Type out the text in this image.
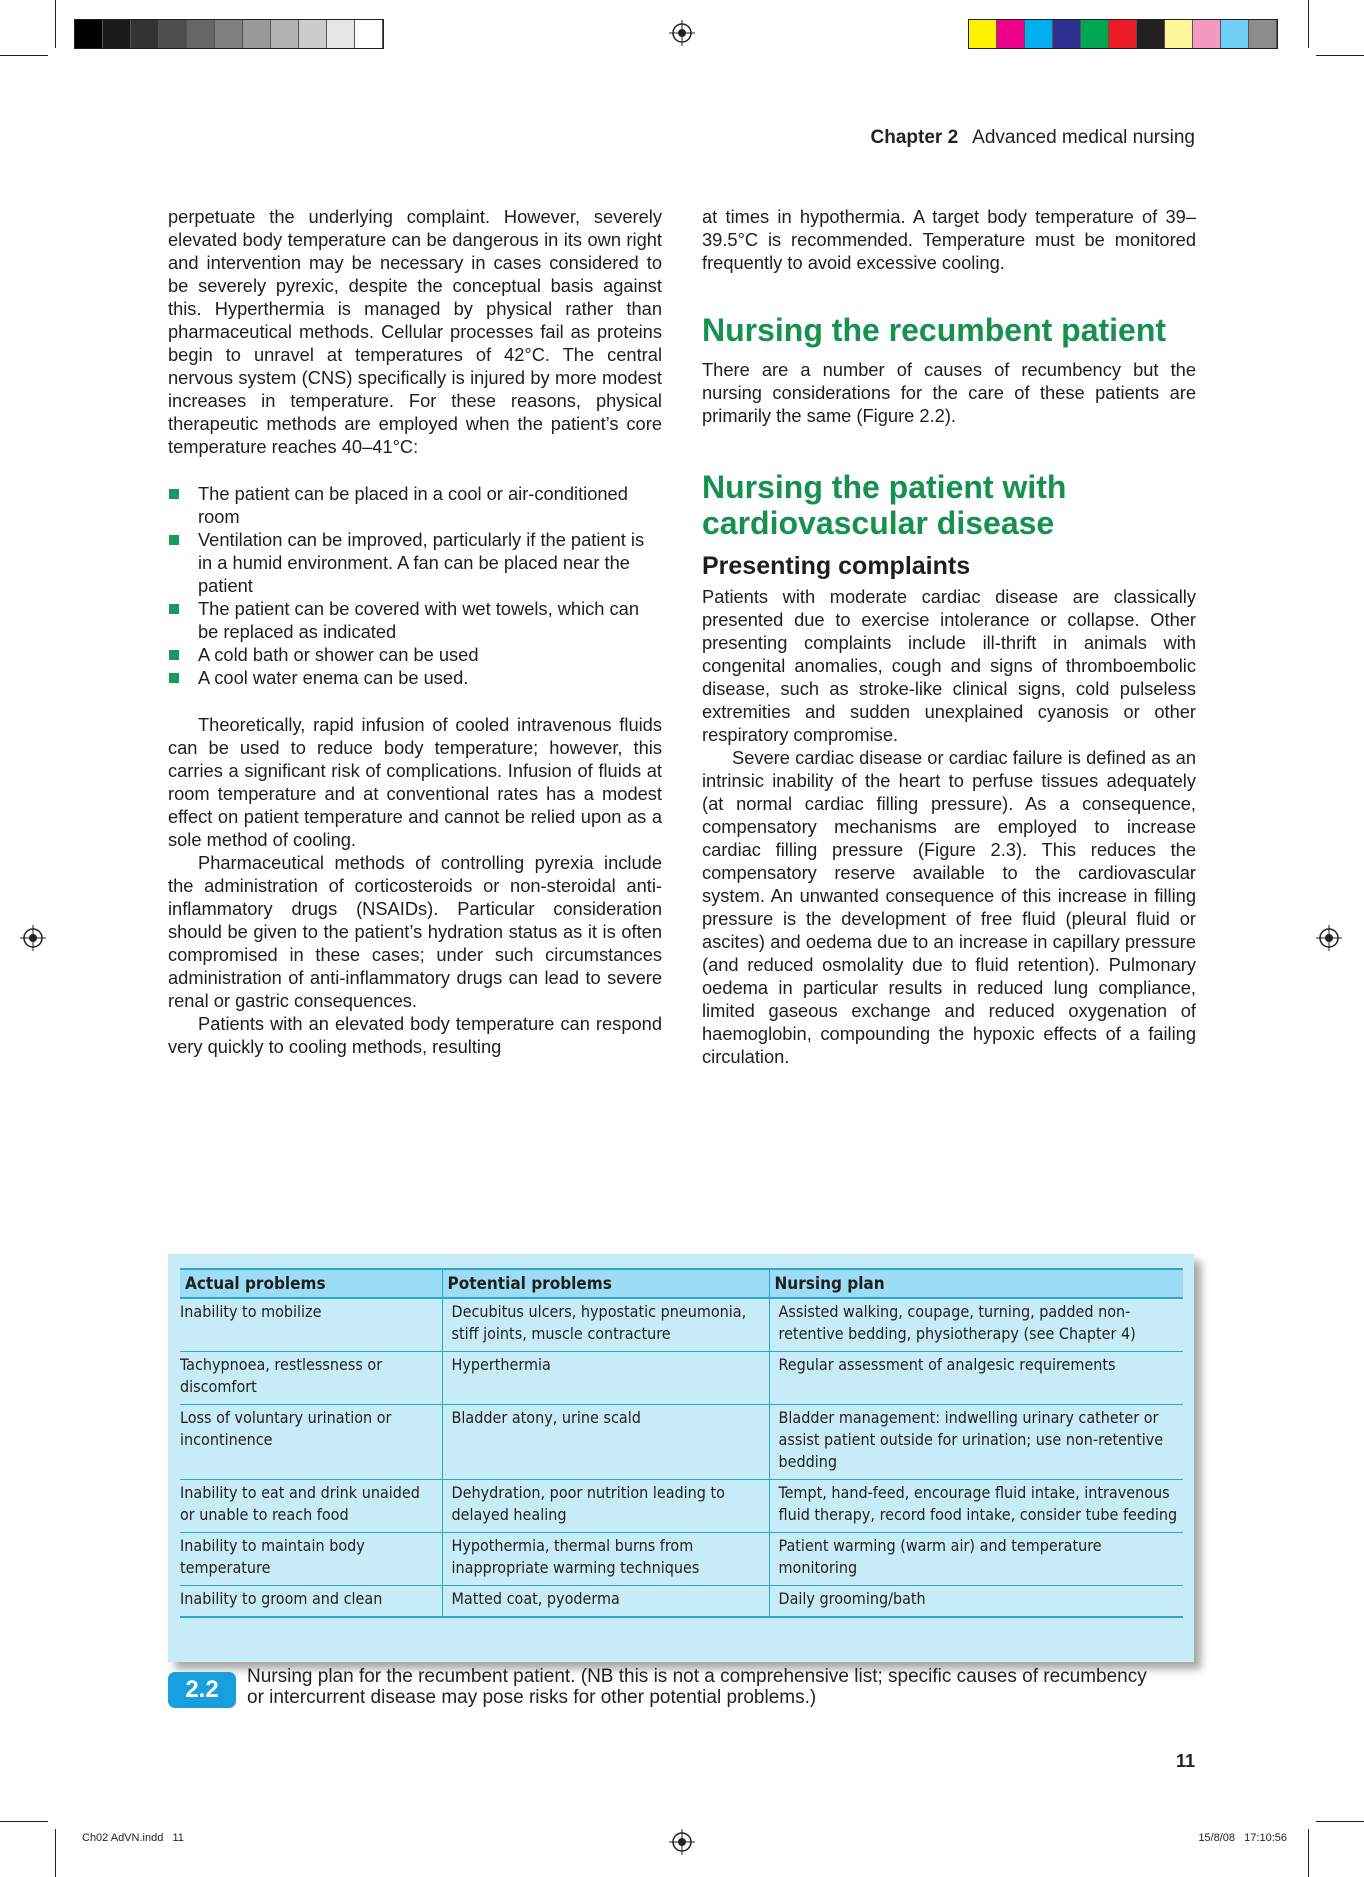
Chapter 2 Advanced medical nursing

perpetuate the underlying complaint. However, severely elevated body temperature can be dangerous in its own right and intervention may be necessary in cases considered to be severely pyrexic, despite the conceptual basis against this. Hyperthermia is managed by physical rather than pharmaceutical methods. Cellular processes fail as proteins begin to unravel at temperatures of 42°C. The central nervous system (CNS) specifically is injured by more modest increases in temperature. For these reasons, physical therapeutic methods are employed when the patient’s core temperature reaches 40–41°C:

The patient can be placed in a cool or air-conditioned room
Ventilation can be improved, particularly if the patient is in a humid environment. A fan can be placed near the patient
The patient can be covered with wet towels, which can be replaced as indicated
A cold bath or shower can be used
A cool water enema can be used.

Theoretically, rapid infusion of cooled intravenous fluids can be used to reduce body temperature; however, this carries a significant risk of complications. Infusion of fluids at room temperature and at conventional rates has a modest effect on patient temperature and cannot be relied upon as a sole method of cooling.

Pharmaceutical methods of controlling pyrexia include the administration of corticosteroids or non-steroidal anti-inflammatory drugs (NSAIDs). Particular consideration should be given to the patient’s hydration status as it is often compromised in these cases; under such circumstances administration of anti-inflammatory drugs can lead to severe renal or gastric consequences.

Patients with an elevated body temperature can respond very quickly to cooling methods, resulting

at times in hypothermia. A target body temperature of 39–39.5°C is recommended. Temperature must be monitored frequently to avoid excessive cooling.

Nursing the recumbent patient

There are a number of causes of recumbency but the nursing considerations for the care of these patients are primarily the same (Figure 2.2).

Nursing the patient with cardiovascular disease
Presenting complaints

Patients with moderate cardiac disease are classically presented due to exercise intolerance or collapse. Other presenting complaints include ill-thrift in animals with congenital anomalies, cough and signs of thromboembolic disease, such as stroke-like clinical signs, cold pulseless extremities and sudden unexplained cyanosis or other respiratory compromise.

Severe cardiac disease or cardiac failure is defined as an intrinsic inability of the heart to perfuse tissues adequately (at normal cardiac filling pressure). As a consequence, compensatory mechanisms are employed to increase cardiac filling pressure (Figure 2.3). This reduces the compensatory reserve available to the cardiovascular system. An unwanted consequence of this increase in filling pressure is the development of free fluid (pleural fluid or ascites) and oedema due to an increase in capillary pressure (and reduced osmolality due to fluid retention). Pulmonary oedema in particular results in reduced lung compliance, limited gaseous exchange and reduced oxygenation of haemoglobin, compounding the hypoxic effects of a failing circulation.

Actual problems	Potential problems	Nursing plan
Inability to mobilize	Decubitus ulcers, hypostatic pneumonia, stiff joints, muscle contracture	Assisted walking, coupage, turning, padded non-retentive bedding, physiotherapy (see Chapter 4)
Tachypnoea, restlessness or discomfort	Hyperthermia	Regular assessment of analgesic requirements
Loss of voluntary urination or incontinence	Bladder atony, urine scald	Bladder management: indwelling urinary catheter or assist patient outside for urination; use non-retentive bedding
Inability to eat and drink unaided or unable to reach food	Dehydration, poor nutrition leading to delayed healing	Tempt, hand-feed, encourage fluid intake, intravenous fluid therapy, record food intake, consider tube feeding
Inability to maintain body temperature	Hypothermia, thermal burns from inappropriate warming techniques	Patient warming (warm air) and temperature monitoring
Inability to groom and clean	Matted coat, pyoderma	Daily grooming/bath
2.2	Nursing plan for the recumbent patient. (NB this is not a comprehensive list; specific causes of recumbency or intercurrent disease may pose risks for other potential problems.)
11
Ch02 AdVN.indd   11	15/8/08   17:10:56
